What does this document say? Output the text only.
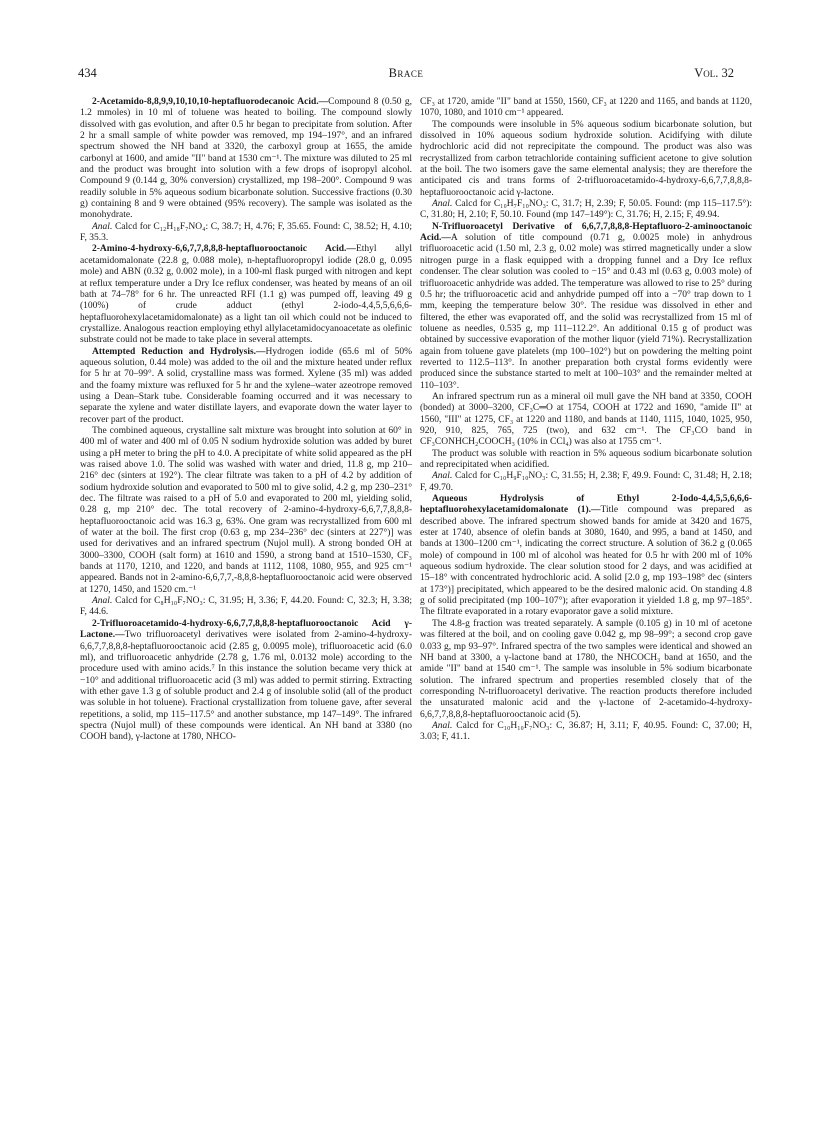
434	Brace	Vol. 32

2-Acetamido-8,8,9,9,10,10,10-heptafluorodecanoic Acid.—Compound 8 (0.50 g, 1.2 mmoles) in 10 ml of toluene was heated to boiling. The compound slowly dissolved with gas evolution, and after 0.5 hr began to precipitate from solution. After 2 hr a small sample of white powder was removed, mp 194–197°, and an infrared spectrum showed the NH band at 3320, the carboxyl group at 1655, the amide carbonyl at 1600, and amide "II" band at 1530 cm⁻¹. The mixture was diluted to 25 ml and the product was brought into solution with a few drops of isopropyl alcohol. Compound 9 (0.144 g, 30% conversion) crystallized, mp 198–200°. Compound 9 was readily soluble in 5% aqueous sodium bicarbonate solution. Successive fractions (0.30 g) containing 8 and 9 were obtained (95% recovery). The sample was isolated as the monohydrate.

Anal. Calcd for C₁₂H₁₈F₇NO₄: C, 38.7; H, 4.76; F, 35.65. Found: C, 38.52; H, 4.10; F, 35.3.

2-Amino-4-hydroxy-6,6,7,7,8,8,8-heptafluorooctanoic Acid.—Ethyl allyl acetamidomalonate (22.8 g, 0.088 mole), n-heptafluoropropyl iodide (28.0 g, 0.095 mole) and ABN (0.32 g, 0.002 mole), in a 100-ml flask purged with nitrogen and kept at reflux temperature under a Dry Ice reflux condenser, was heated by means of an oil bath at 74–78° for 6 hr. The unreacted RFI (1.1 g) was pumped off, leaving 49 g (100%) of crude adduct (ethyl 2-iodo-4,4,5,5,6,6,6-heptafluorohexylacetamidomalonate) as a light tan oil which could not be induced to crystallize. Analogous reaction employing ethyl allylacetamidocyanoacetate as olefinic substrate could not be made to take place in several attempts.

Attempted Reduction and Hydrolysis.—Hydrogen iodide (65.6 ml of 50% aqueous solution, 0.44 mole) was added to the oil and the mixture heated under reflux for 5 hr at 70–99°. A solid, crystalline mass was formed. Xylene (35 ml) was added and the foamy mixture was refluxed for 5 hr and the xylene–water azeotrope removed using a Dean–Stark tube. Considerable foaming occurred and it was necessary to separate the xylene and water distillate layers, and evaporate down the water layer to recover part of the product.

The combined aqueous, crystalline salt mixture was brought into solution at 60° in 400 ml of water and 400 ml of 0.05 N sodium hydroxide solution was added by buret using a pH meter to bring the pH to 4.0. A precipitate of white solid appeared as the pH was raised above 1.0. The solid was washed with water and dried, 11.8 g, mp 210–216° dec (sinters at 192°). The clear filtrate was taken to a pH of 4.2 by addition of sodium hydroxide solution and evaporated to 500 ml to give solid, 4.2 g, mp 230–231° dec. The filtrate was raised to a pH of 5.0 and evaporated to 200 ml, yielding solid, 0.28 g, mp 210° dec. The total recovery of 2-amino-4-hydroxy-6,6,7,7,8,8,8-heptafluorooctanoic acid was 16.3 g, 63%. One gram was recrystallized from 600 ml of water at the boil. The first crop (0.63 g, mp 234–236° dec (sinters at 227°)] was used for derivatives and an infrared spectrum (Nujol mull). A strong bonded OH at 3000–3300, COOH (salt form) at 1610 and 1590, a strong band at 1510–1530, CF₃ bands at 1170, 1210, and 1220, and bands at 1112, 1108, 1080, 955, and 925 cm⁻¹ appeared. Bands not in 2-amino-6,6,7,7,-8,8,8-heptafluorooctanoic acid were observed at 1270, 1450, and 1520 cm.⁻¹

Anal. Calcd for C₈H₁₀F₇NO₃: C, 31.95; H, 3.36; F, 44.20. Found: C, 32.3; H, 3.38; F, 44.6.

2-Trifluoroacetamido-4-hydroxy-6,6,7,7,8,8,8-heptafluorooctanoic Acid γ-Lactone.—Two trifluoroacetyl derivatives were isolated from 2-amino-4-hydroxy-6,6,7,7,8,8,8-heptafluorooctanoic acid (2.85 g, 0.0095 mole), trifluoroacetic acid (6.0 ml), and trifluoroacetic anhydride (2.78 g, 1.76 ml, 0.0132 mole) according to the procedure used with amino acids.⁷ In this instance the solution became very thick at −10° and additional trifluoroacetic acid (3 ml) was added to permit stirring. Extracting with ether gave 1.3 g of soluble product and 2.4 g of insoluble solid (all of the product was soluble in hot toluene). Fractional crystallization from toluene gave, after several repetitions, a solid, mp 115–117.5° and another substance, mp 147–149°. The infrared spectra (Nujol mull) of these compounds were identical. An NH band at 3380 (no COOH band), γ-lactone at 1780, NHCO-

CF₃ at 1720, amide "II" band at 1550, 1560, CF₃ at 1220 and 1165, and bands at 1120, 1070, 1080, and 1010 cm⁻¹ appeared.

The compounds were insoluble in 5% aqueous sodium bicarbonate solution, but dissolved in 10% aqueous sodium hydroxide solution. Acidifying with dilute hydrochloric acid did not reprecipitate the compound. The product was also was recrystallized from carbon tetrachloride containing sufficient acetone to give solution at the boil. The two isomers gave the same elemental analysis; they are therefore the anticipated cis and trans forms of 2-trifluoroacetamido-4-hydroxy-6,6,7,7,8,8,8-heptafluorooctanoic acid γ-lactone.

Anal. Calcd for C₁₀H₇F₁₀NO₃: C, 31.7; H, 2.39; F, 50.05. Found: (mp 115–117.5°): C, 31.80; H, 2.10; F, 50.10. Found (mp 147–149°): C, 31.76; H, 2.15; F, 49.94.

N-Trifluoroacetyl Derivative of 6,6,7,7,8,8,8-Heptafluoro-2-aminooctanoic Acid.—A solution of title compound (0.71 g, 0.0025 mole) in anhydrous trifluoroacetic acid (1.50 ml, 2.3 g, 0.02 mole) was stirred magnetically under a slow nitrogen purge in a flask equipped with a dropping funnel and a Dry Ice reflux condenser. The clear solution was cooled to −15° and 0.43 ml (0.63 g, 0.003 mole) of trifluoroacetic anhydride was added. The temperature was allowed to rise to 25° during 0.5 hr; the trifluoroacetic acid and anhydride pumped off into a −70° trap down to 1 mm, keeping the temperature below 30°. The residue was dissolved in ether and filtered, the ether was evaporated off, and the solid was recrystallized from 15 ml of toluene as needles, 0.535 g, mp 111–112.2°. An additional 0.15 g of product was obtained by successive evaporation of the mother liquor (yield 71%). Recrystallization again from toluene gave platelets (mp 100–102°) but on powdering the melting point reverted to 112.5–113°. In another preparation both crystal forms evidently were produced since the substance started to melt at 100–103° and the remainder melted at 110–103°.

An infrared spectrum run as a mineral oil mull gave the NH band at 3350, COOH (bonded) at 3000–3200, CF₃C═O at 1754, COOH at 1722 and 1690, "amide II" at 1560, "III" at 1275, CF₃ at 1220 and 1180, and bands at 1140, 1115, 1040, 1025, 950, 920, 910, 825, 765, 725 (two), and 632 cm⁻¹. The CF₃CO band in CF₃CONHCH₂COOCH₃ (10% in CCl₄) was also at 1755 cm⁻¹.

The product was soluble with reaction in 5% aqueous sodium bicarbonate solution and reprecipitated when acidified.

Anal. Calcd for C₁₀H₉F₁₀NO₃: C, 31.55; H, 2.38; F, 49.9. Found: C, 31.48; H, 2.18; F, 49.70.

Aqueous Hydrolysis of Ethyl 2-Iodo-4,4,5,5,6,6,6-heptafluorohexylacetamidomalonate (1).—Title compound was prepared as described above. The infrared spectrum showed bands for amide at 3420 and 1675, ester at 1740, absence of olefin bands at 3080, 1640, and 995, a band at 1450, and bands at 1300–1200 cm⁻¹, indicating the correct structure. A solution of 36.2 g (0.065 mole) of compound in 100 ml of alcohol was heated for 0.5 hr with 200 ml of 10% aqueous sodium hydroxide. The clear solution stood for 2 days, and was acidified at 15–18° with concentrated hydrochloric acid. A solid [2.0 g, mp 193–198° dec (sinters at 173°)] precipitated, which appeared to be the desired malonic acid. On standing 4.8 g of solid precipitated (mp 100–107°); after evaporation it yielded 1.8 g, mp 97–185°. The filtrate evaporated in a rotary evaporator gave a solid mixture.

The 4.8-g fraction was treated separately. A sample (0.105 g) in 10 ml of acetone was filtered at the boil, and on cooling gave 0.042 g, mp 98–99°; a second crop gave 0.033 g, mp 93–97°. Infrared spectra of the two samples were identical and showed an NH band at 3300, a γ-lactone band at 1780, the NHCOCH₃ band at 1650, and the amide "II" band at 1540 cm⁻¹. The sample was insoluble in 5% sodium bicarbonate solution. The infrared spectrum and properties resembled closely that of the corresponding N-trifluoroacetyl derivative. The reaction products therefore included the unsaturated malonic acid and the γ-lactone of 2-acetamido-4-hydroxy-6,6,7,7,8,8,8-heptafluorooctanoic acid (5).

Anal. Calcd for C₁₀H₁₀F₇NO₃: C, 36.87; H, 3.11; F, 40.95. Found: C, 37.00; H, 3.03; F, 41.1.
